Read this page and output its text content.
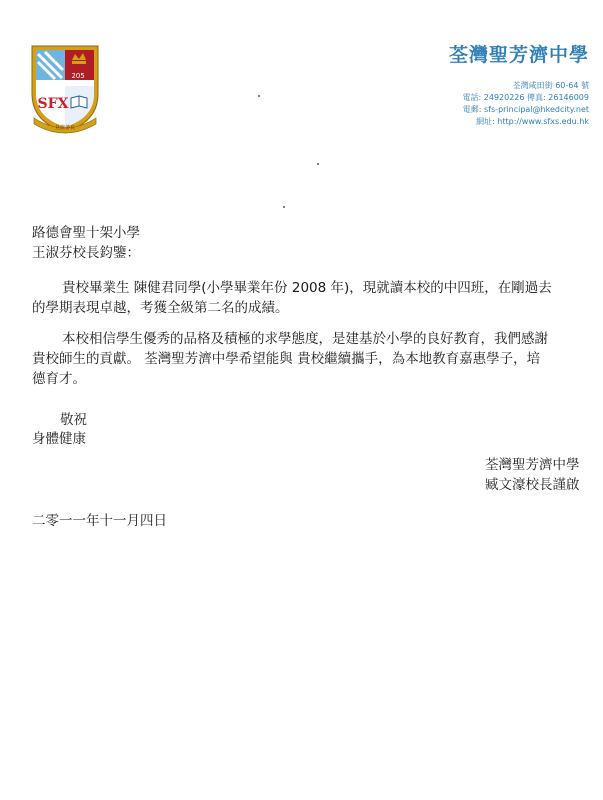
205
SFX
見證善良
荃灣聖芳濟中學
荃灣咸田街 60-64 號
電話: 24920226 傳真: 26146009
電郵: sfs-principal@hkedcity.net
網址: http://www.sfxs.edu.hk
路德會聖十架小學
王淑芬校長鈞鑒：
貴校畢業生 陳健君同學(小學畢業年份 2008 年)，現就讀本校的中四班，在剛過去
的學期表現卓越，考獲全級第二名的成績。
本校相信學生優秀的品格及積極的求學態度，是建基於小學的良好教育，我們感謝
貴校師生的貢獻。 荃灣聖芳濟中學希望能與 貴校繼續攜手，為本地教育嘉惠學子，培
德育才。
敬祝
身體健康
荃灣聖芳濟中學
臧文濠校長謹啟
二零一一年十一月四日
